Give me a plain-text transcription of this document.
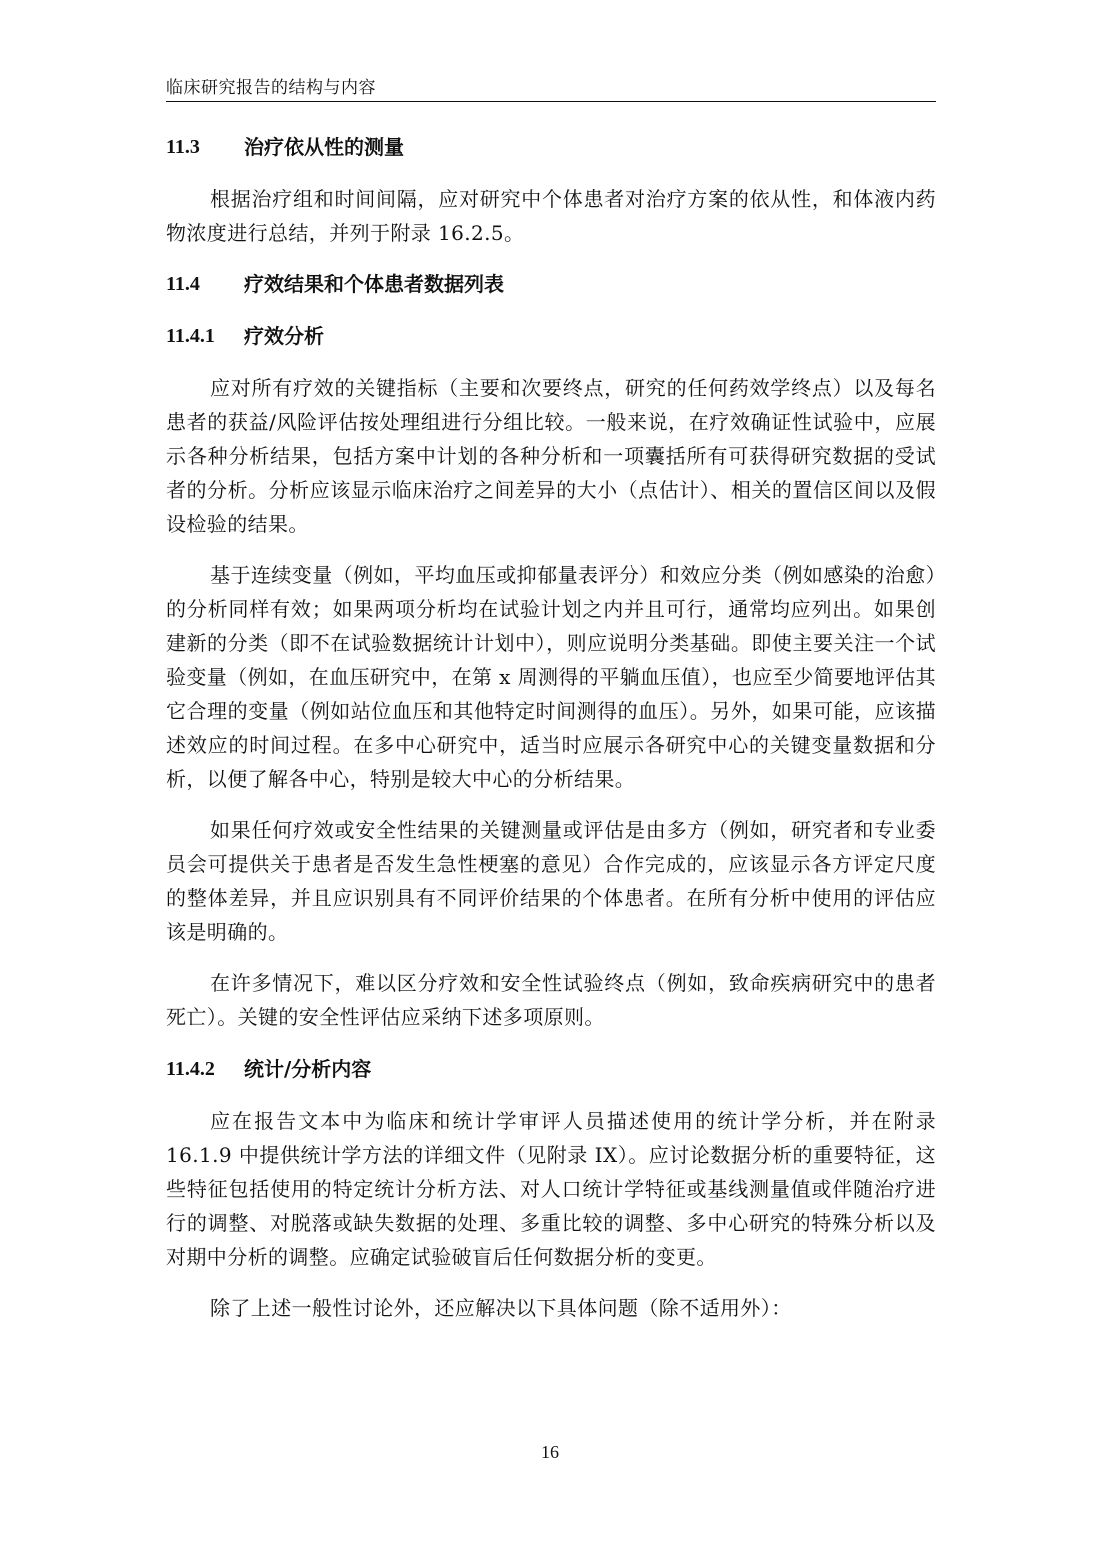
临床研究报告的结构与内容
11.3	治疗依从性的测量

根据治疗组和时间间隔，应对研究中个体患者对治疗方案的依从性，和体液内药物浓度进行总结，并列于附录 16.2.5。

11.4	疗效结果和个体患者数据列表
11.4.1	疗效分析

应对所有疗效的关键指标（主要和次要终点，研究的任何药效学终点）以及每名患者的获益/风险评估按处理组进行分组比较。一般来说，在疗效确证性试验中，应展示各种分析结果，包括方案中计划的各种分析和一项囊括所有可获得研究数据的受试者的分析。分析应该显示临床治疗之间差异的大小（点估计）、相关的置信区间以及假设检验的结果。

基于连续变量（例如，平均血压或抑郁量表评分）和效应分类（例如感染的治愈）的分析同样有效；如果两项分析均在试验计划之内并且可行，通常均应列出。如果创建新的分类（即不在试验数据统计计划中），则应说明分类基础。即使主要关注一个试验变量（例如，在血压研究中，在第 x 周测得的平躺血压值），也应至少简要地评估其它合理的变量（例如站位血压和其他特定时间测得的血压）。另外，如果可能，应该描述效应的时间过程。在多中心研究中，适当时应展示各研究中心的关键变量数据和分析，以便了解各中心，特别是较大中心的分析结果。

如果任何疗效或安全性结果的关键测量或评估是由多方（例如，研究者和专业委员会可提供关于患者是否发生急性梗塞的意见）合作完成的，应该显示各方评定尺度的整体差异，并且应识别具有不同评价结果的个体患者。在所有分析中使用的评估应该是明确的。

在许多情况下，难以区分疗效和安全性试验终点（例如，致命疾病研究中的患者死亡）。关键的安全性评估应采纳下述多项原则。

11.4.2	统计/分析内容

应在报告文本中为临床和统计学审评人员描述使用的统计学分析，并在附录 16.1.9 中提供统计学方法的详细文件（见附录 IX）。应讨论数据分析的重要特征，这些特征包括使用的特定统计分析方法、对人口统计学特征或基线测量值或伴随治疗进行的调整、对脱落或缺失数据的处理、多重比较的调整、多中心研究的特殊分析以及对期中分析的调整。应确定试验破盲后任何数据分析的变更。

除了上述一般性讨论外，还应解决以下具体问题（除不适用外）：

16
